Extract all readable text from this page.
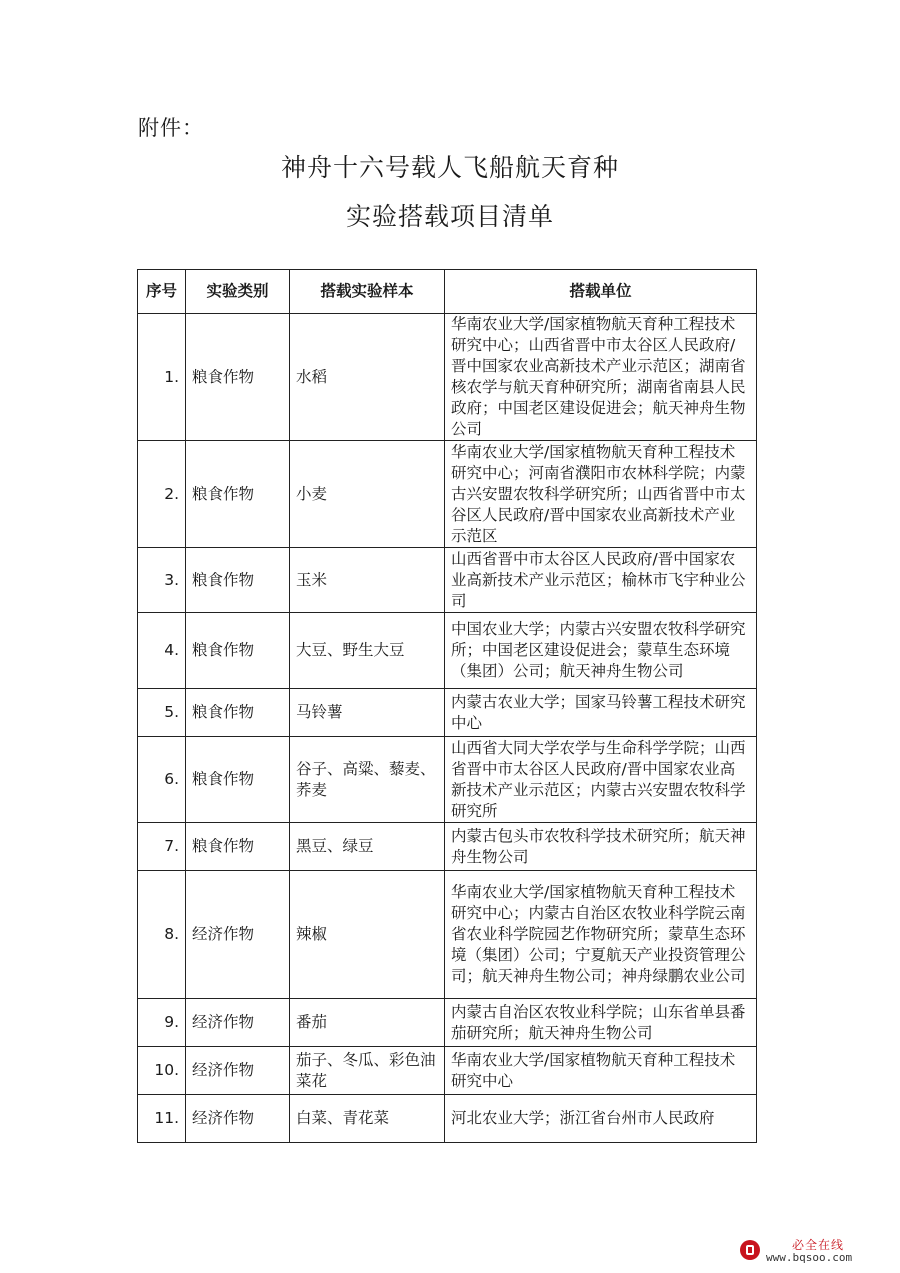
附件：
神舟十六号载人飞船航天育种
实验搭载项目清单
序号	实验类别	搭载实验样本	搭载单位
1.	粮食作物	水稻	华南农业大学/国家植物航天育种工程技术研究中心；山西省晋中市太谷区人民政府/晋中国家农业高新技术产业示范区；湖南省核农学与航天育种研究所；湖南省南县人民政府；中国老区建设促进会；航天神舟生物公司
2.	粮食作物	小麦	华南农业大学/国家植物航天育种工程技术研究中心；河南省濮阳市农林科学院；内蒙古兴安盟农牧科学研究所；山西省晋中市太谷区人民政府/晋中国家农业高新技术产业示范区
3.	粮食作物	玉米	山西省晋中市太谷区人民政府/晋中国家农业高新技术产业示范区；榆林市飞宇种业公司
4.	粮食作物	大豆、野生大豆	中国农业大学；内蒙古兴安盟农牧科学研究所；中国老区建设促进会；蒙草生态环境（集团）公司；航天神舟生物公司
5.	粮食作物	马铃薯	内蒙古农业大学；国家马铃薯工程技术研究中心
6.	粮食作物	谷子、高粱、藜麦、荞麦	山西省大同大学农学与生命科学学院；山西省晋中市太谷区人民政府/晋中国家农业高新技术产业示范区；内蒙古兴安盟农牧科学研究所
7.	粮食作物	黑豆、绿豆	内蒙古包头市农牧科学技术研究所；航天神舟生物公司
8.	经济作物	辣椒	华南农业大学/国家植物航天育种工程技术研究中心；内蒙古自治区农牧业科学院云南省农业科学院园艺作物研究所；蒙草生态环境（集团）公司；宁夏航天产业投资管理公司；航天神舟生物公司；神舟绿鹏农业公司
9.	经济作物	番茄	内蒙古自治区农牧业科学院；山东省单县番茄研究所；航天神舟生物公司
10.	经济作物	茄子、冬瓜、彩色油菜花	华南农业大学/国家植物航天育种工程技术研究中心
11.	经济作物	白菜、青花菜	河北农业大学；浙江省台州市人民政府
必全在线
www.bqsoo.com
